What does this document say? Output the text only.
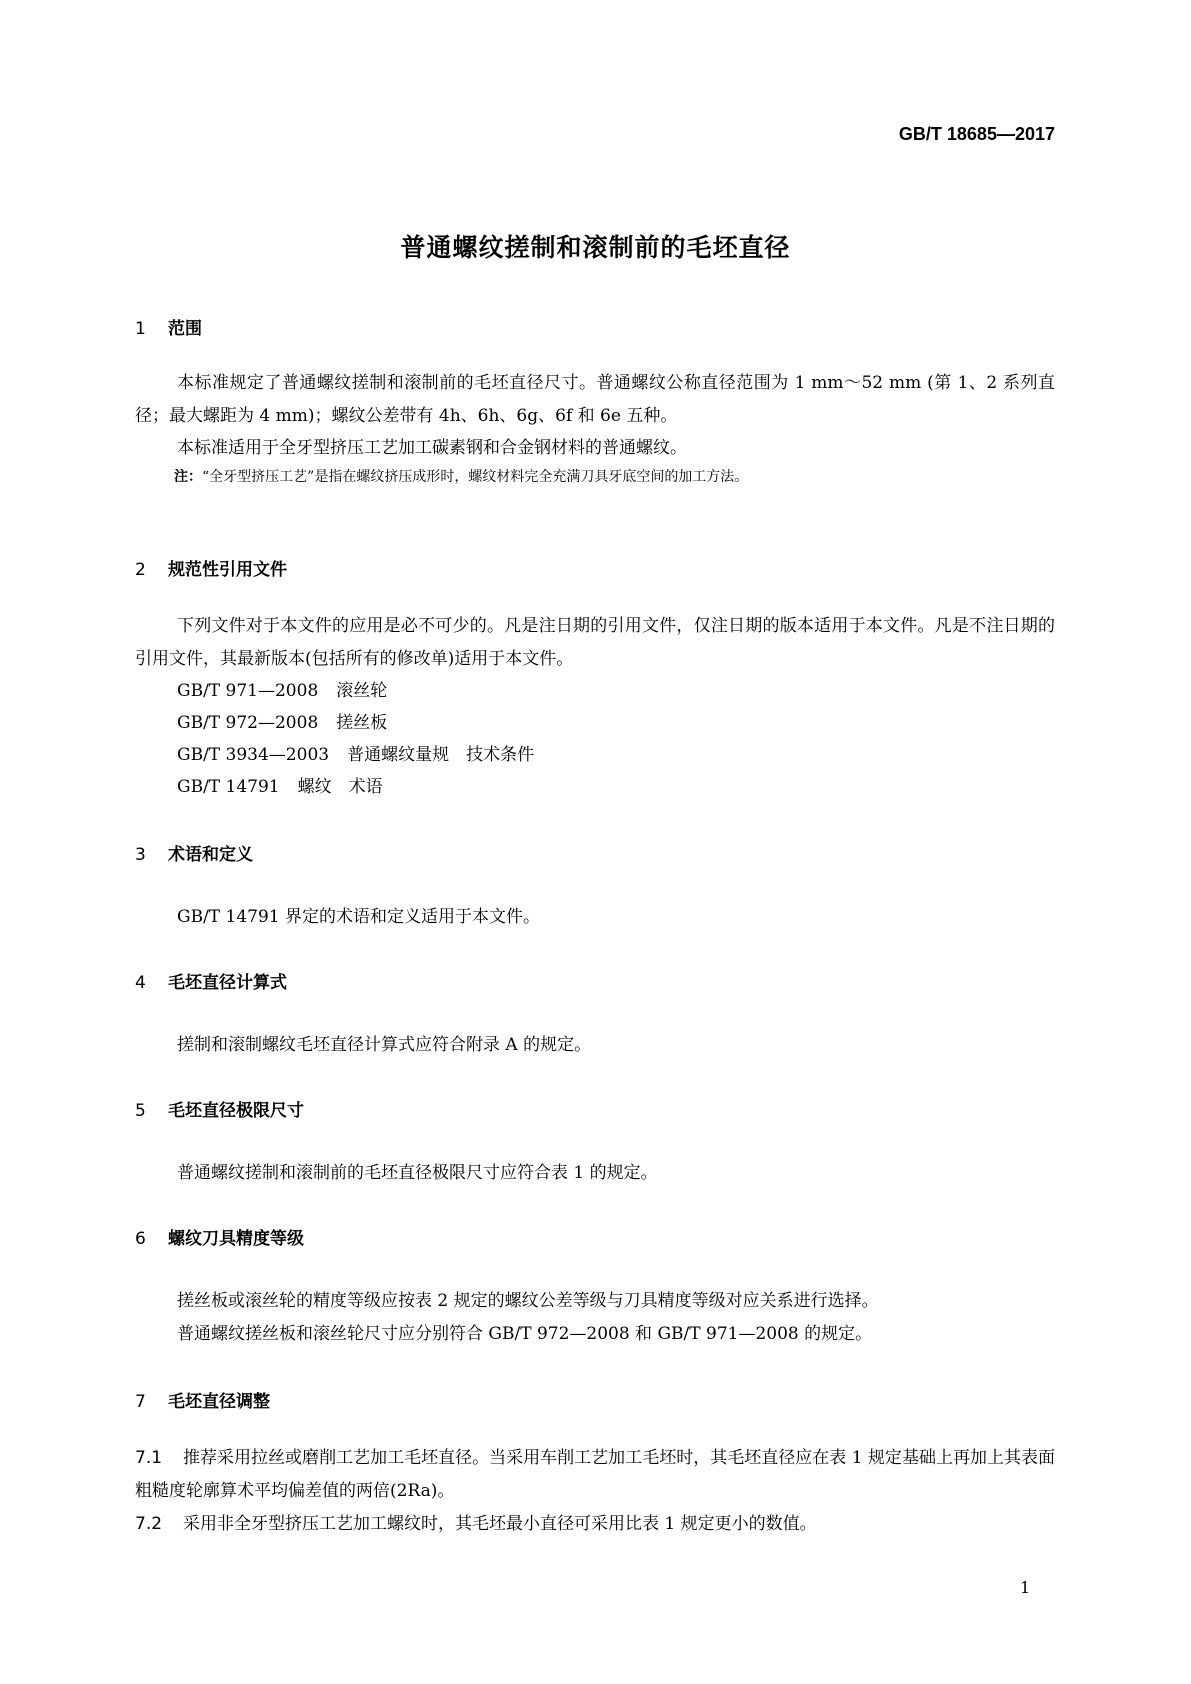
GB/T 18685—2017
普通螺纹搓制和滚制前的毛坯直径
1 范围
本标准规定了普通螺纹搓制和滚制前的毛坯直径尺寸。普通螺纹公称直径范围为 1 mm～52 mm (第 1、2 系列直径；最大螺距为 4 mm)；螺纹公差带有 4h、6h、6g、6f 和 6e 五种。
本标准适用于全牙型挤压工艺加工碳素钢和合金钢材料的普通螺纹。
注：“全牙型挤压工艺”是指在螺纹挤压成形时，螺纹材料完全充满刀具牙底空间的加工方法。
2 规范性引用文件
下列文件对于本文件的应用是必不可少的。凡是注日期的引用文件，仅注日期的版本适用于本文件。凡是不注日期的引用文件，其最新版本(包括所有的修改单)适用于本文件。
GB/T 971—2008 滚丝轮
GB/T 972—2008 搓丝板
GB/T 3934—2003 普通螺纹量规　技术条件
GB/T 14791 螺纹　术语
3 术语和定义
GB/T 14791 界定的术语和定义适用于本文件。
4 毛坯直径计算式
搓制和滚制螺纹毛坯直径计算式应符合附录 A 的规定。
5 毛坯直径极限尺寸
普通螺纹搓制和滚制前的毛坯直径极限尺寸应符合表 1 的规定。
6 螺纹刀具精度等级
搓丝板或滚丝轮的精度等级应按表 2 规定的螺纹公差等级与刀具精度等级对应关系进行选择。
普通螺纹搓丝板和滚丝轮尺寸应分别符合 GB/T 972—2008 和 GB/T 971—2008 的规定。
7 毛坯直径调整
7.1 推荐采用拉丝或磨削工艺加工毛坯直径。当采用车削工艺加工毛坯时，其毛坯直径应在表 1 规定基础上再加上其表面粗糙度轮廓算术平均偏差值的两倍(2Ra)。
7.2 采用非全牙型挤压工艺加工螺纹时，其毛坯最小直径可采用比表 1 规定更小的数值。
1
